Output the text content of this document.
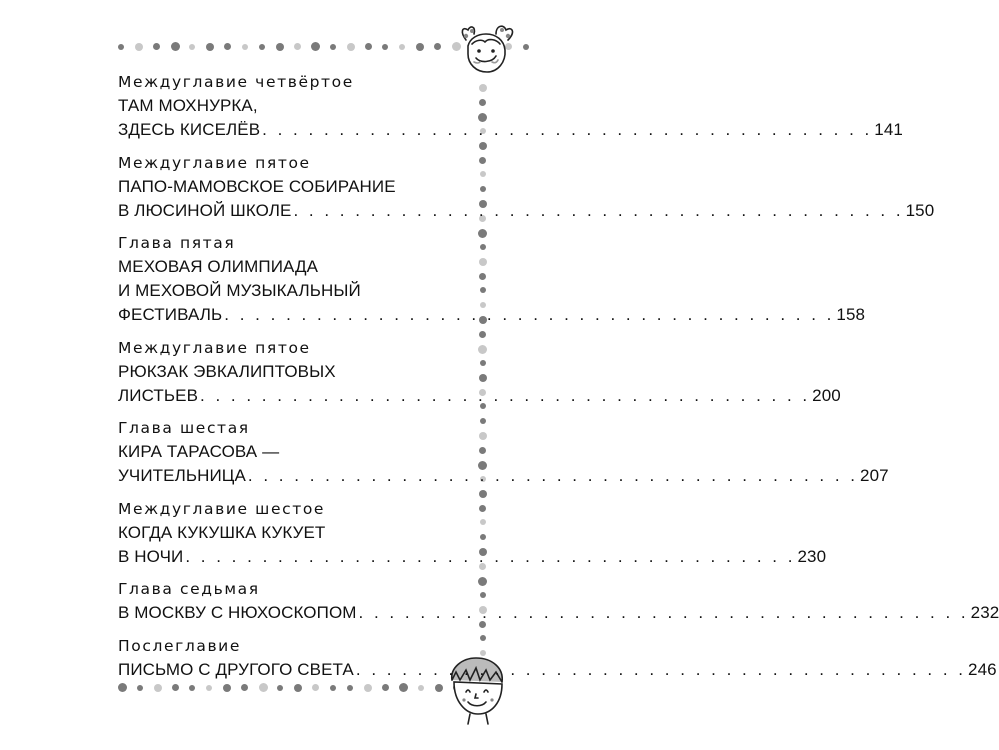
Междуглавие четвёртое
ТАМ МОХНУРКА,
ЗДЕСЬ КИСЕЛЁВ . . . . . . . . . . . . . . . . . . . . . . . . . . . . . . . . . . . . . . . . 141
Междуглавие пятое
ПАПО-МАМОВСКОЕ СОБИРАНИЕ
В ЛЮСИНОЙ ШКОЛЕ . . . . . . . . . . . . . . . . . . . . . . . . . . . . . . . . . . . . . . . . 150
Глава пятая
МЕХОВАЯ ОЛИМПИАДА
И МЕХОВОЙ МУЗЫКАЛЬНЫЙ
ФЕСТИВАЛЬ . . . . . . . . . . . . . . . . . . . . . . . . . . . . . . . . . . . . . . . . 158
Междуглавие пятое
РЮКЗАК ЭВКАЛИПТОВЫХ
ЛИСТЬЕВ . . . . . . . . . . . . . . . . . . . . . . . . . . . . . . . . . . . . . . . . 200
Глава шестая
КИРА ТАРАСОВА —
УЧИТЕЛЬНИЦА . . . . . . . . . . . . . . . . . . . . . . . . . . . . . . . . . . . . . . . . 207
Междуглавие шестое
КОГДА КУКУШКА КУКУЕТ
В НОЧИ . . . . . . . . . . . . . . . . . . . . . . . . . . . . . . . . . . . . . . . . 230
Глава седьмая
В МОСКВУ С НЮХОСКОПОМ . . . . . . . . . . . . . . . . . . . . . . . . . . . . . . . . . . . . . . . . 232
Послеглавие
ПИСЬМО С ДРУГОГО СВЕТА . . . . . . . . . . . . . . . . . . . . . . . . . . . . . . . . . . . . . . . . 246
